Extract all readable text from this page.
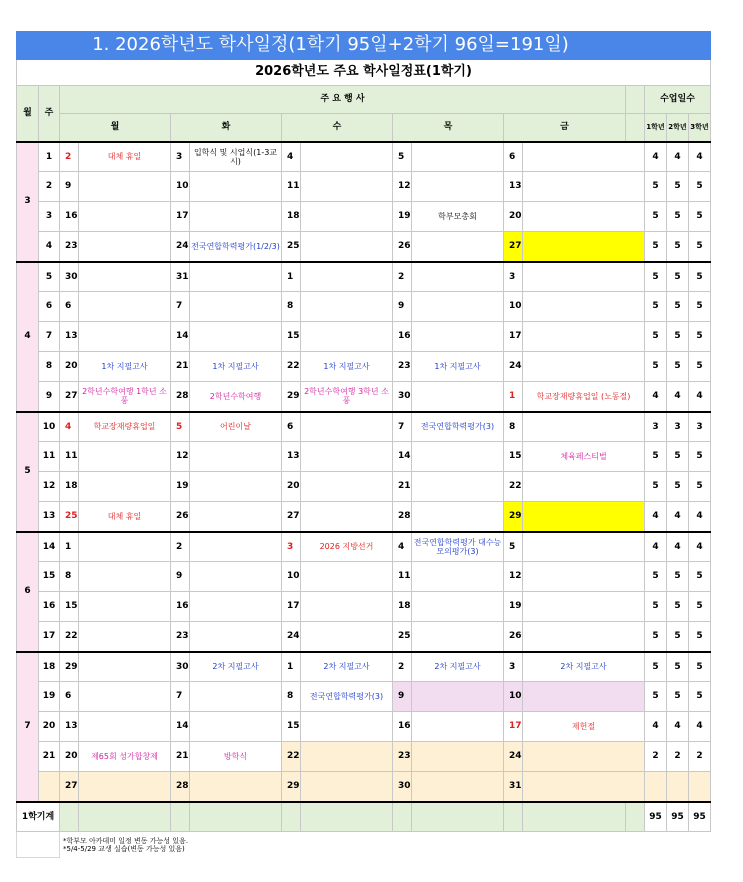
1. 2026학년도 학사일정(1학기 95일+2학기 96일=191일)															
2026학년도 주요 학사일정표(1학기)															
월	주	주 요 행 사											수업일수		
		월		화		수		목		금			1학년	2학년	3학년
3	1	2	대체 휴일	3	입학식 및 시업식(1-3교시)	4		5		6			4	4	4
	2	9		10		11		12		13			5	5	5
	3	16		17		18		19	학부모총회	20			5	5	5
	4	23		24	전국연합학력평가(1/2/3)	25		26		27			5	5	5
4	5	30		31		1		2		3			5	5	5
	6	6		7		8		9		10			5	5	5
	7	13		14		15		16		17			5	5	5
	8	20	1차 지필고사	21	1차 지필고사	22	1차 지필고사	23	1차 지필고사	24			5	5	5
	9	27	2학년수학여행 1학년 소풍	28	2학년수학여행	29	2학년수학여행 3학년 소풍	30		1	학교장재량휴업일 (노동절)		4	4	4
5	10	4	학교장재량휴업일	5	어린이날	6		7	전국연합학력평가(3)	8			3	3	3
	11	11		12		13		14		15	체육페스티벌		5	5	5
	12	18		19		20		21		22			5	5	5
	13	25	대체 휴일	26		27		28		29			4	4	4
6	14	1		2		3	2026 지방선거	4	전국연합학력평가 대수능모의평가(3)	5			4	4	4
	15	8		9		10		11		12			5	5	5
	16	15		16		17		18		19			5	5	5
	17	22		23		24		25		26			5	5	5
7	18	29		30	2차 지필고사	1	2차 지필고사	2	2차 지필고사	3	2차 지필고사		5	5	5
	19	6		7		8	전국연합학력평가(3)	9		10			5	5	5
	20	13		14		15		16		17	제헌절		4	4	4
	21	20	제65회 성가합창제	21	방학식	22		23		24			2	2	2
		27		28		29		30		31					
1학기계													95	95	95

		*학부모 아카데미 일정 변동 가능성 있음.
*5/4-5/29 교생 실습(변동 가능성 있음)													
